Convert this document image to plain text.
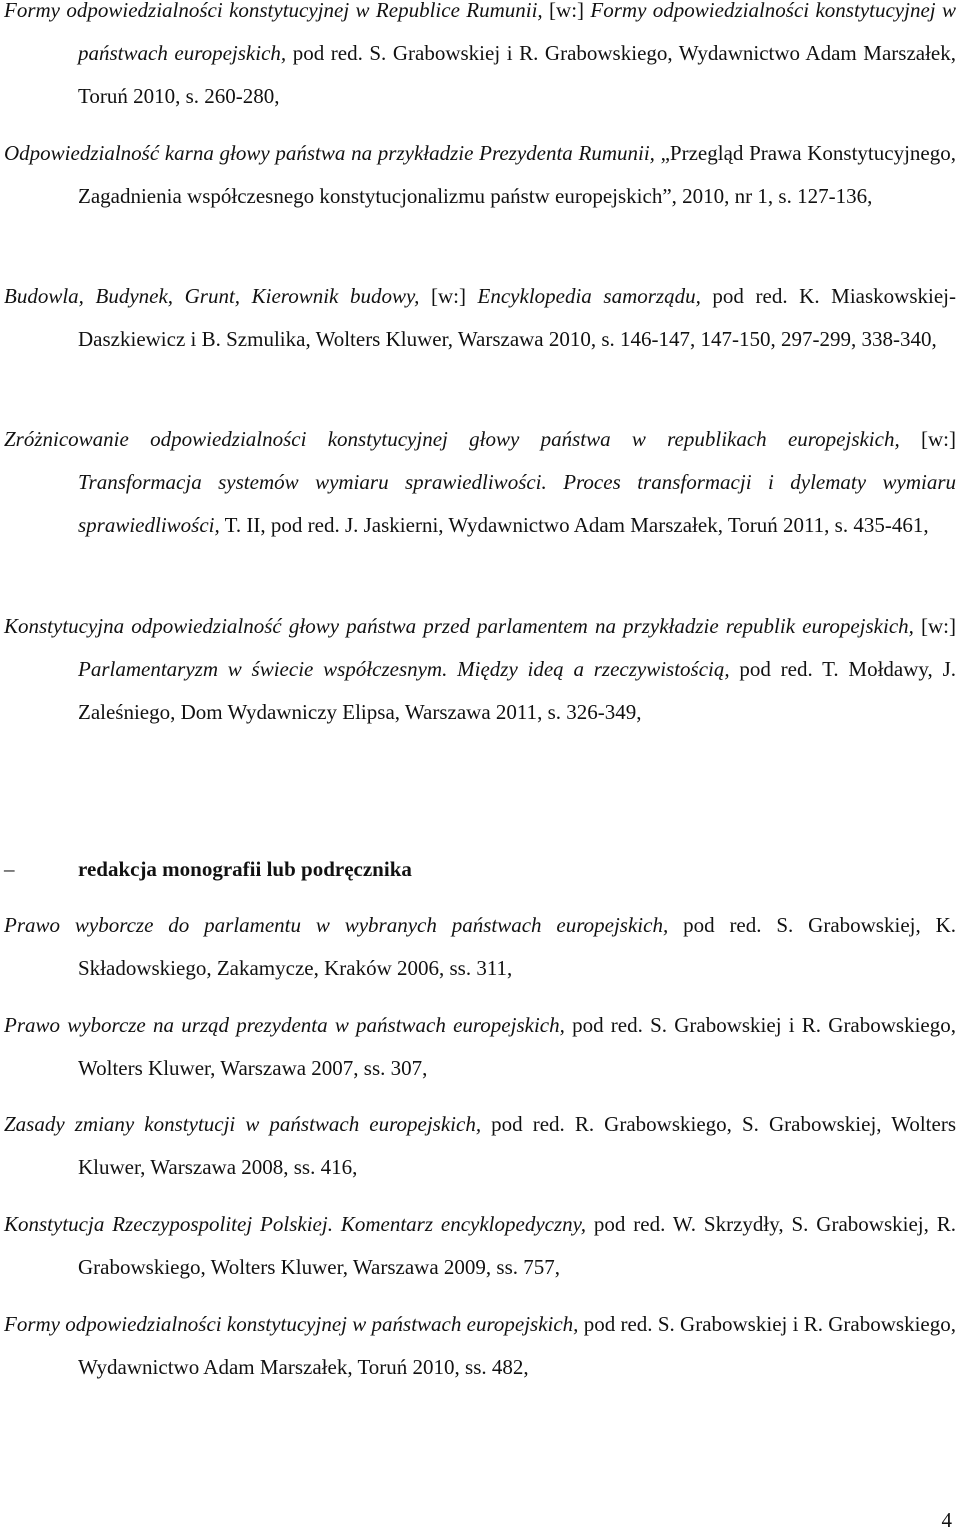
Formy odpowiedzialności konstytucyjnej w Republice Rumunii, [w:] Formy odpowiedzialności konstytucyjnej w państwach europejskich, pod red. S. Grabowskiej i R. Grabowskiego, Wydawnictwo Adam Marszałek, Toruń 2010, s. 260-280,
Odpowiedzialność karna głowy państwa na przykładzie Prezydenta Rumunii, „Przegląd Prawa Konstytucyjnego, Zagadnienia współczesnego konstytucjonalizmu państw europejskich”, 2010, nr 1, s. 127-136,
Budowla, Budynek, Grunt, Kierownik budowy, [w:] Encyklopedia samorządu, pod red. K. Miaskowskiej-Daszkiewicz i B. Szmulika, Wolters Kluwer, Warszawa 2010, s. 146-147, 147-150, 297-299, 338-340,
Zróżnicowanie odpowiedzialności konstytucyjnej głowy państwa w republikach europejskich, [w:] Transformacja systemów wymiaru sprawiedliwości. Proces transformacji i dylematy wymiaru sprawiedliwości, T. II, pod red. J. Jaskierni, Wydawnictwo Adam Marszałek, Toruń 2011, s. 435-461,
Konstytucyjna odpowiedzialność głowy państwa przed parlamentem na przykładzie republik europejskich, [w:] Parlamentaryzm w świecie współczesnym. Między ideą a rzeczywistością, pod red. T. Mołdawy, J. Zaleśniego, Dom Wydawniczy Elipsa, Warszawa 2011, s. 326-349,
–	redakcja monografii lub podręcznika
Prawo wyborcze do parlamentu w wybranych państwach europejskich, pod red. S. Grabowskiej, K. Składowskiego, Zakamycze, Kraków 2006, ss. 311,
Prawo wyborcze na urząd prezydenta w państwach europejskich, pod red. S. Grabowskiej i R. Grabowskiego, Wolters Kluwer, Warszawa 2007, ss. 307,
Zasady zmiany konstytucji w państwach europejskich, pod red. R. Grabowskiego, S. Grabowskiej, Wolters Kluwer, Warszawa 2008, ss. 416,
Konstytucja Rzeczypospolitej Polskiej. Komentarz encyklopedyczny, pod red. W. Skrzydły, S. Grabowskiej, R. Grabowskiego, Wolters Kluwer, Warszawa 2009, ss. 757,
Formy odpowiedzialności konstytucyjnej w państwach europejskich, pod red. S. Grabowskiej i R. Grabowskiego, Wydawnictwo Adam Marszałek, Toruń 2010, ss. 482,
4
